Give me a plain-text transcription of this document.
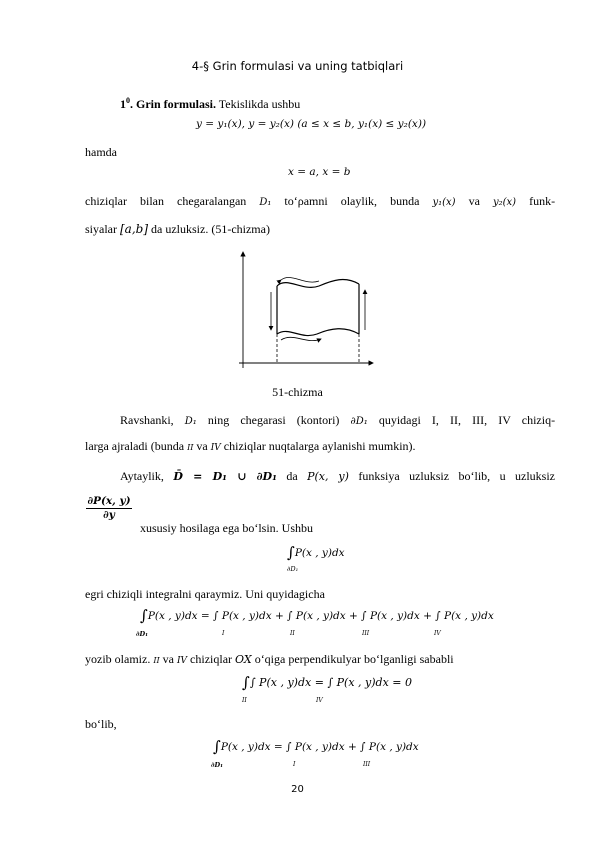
4-§ Grin formulasi va uning tatbiqlari
$1^0$. Grin formulasi. Tekislikda ushbu
y = y₁(x), y = y₂(x) (a ≤ x ≤ b, y₁(x) ≤ y₂(x))
hamda
x = a, x = b
chiziqlar bilan chegaralangan D₁ to‘ρamni olaylik, bunda y₁(x) va y₂(x) funk-
siyalar [a,b] da uzluksiz. (51-chizma)
51-chizma
Ravshanki, D₁ ning chegarasi (kontori) ∂D₁ quyidagi I, II, III, IV chiziq-
larga ajraladi (bunda II va IV chiziqlar nuqtalarga aylanishi mumkin).
Aytaylik, D̄ = D₁ ∪ ∂D₁ da P(x, y) funksiya uzluksiz bo‘lib, u uzluksiz
$\frac{\partial P(x, y)}{\partial y}$
xususiy hosilaga ega bo‘lsin. Ushbu
∫P(x , y)dx
∂D₁
egri chiziqli integralni qaraymiz. Uni quyidagicha
∫P(x , y)dx = ∫ P(x , y)dx + ∫ P(x , y)dx + ∫ P(x , y)dx + ∫ P(x , y)dx
∂D₁	I	II	III	IV
yozib olamiz. II va IV chiziqlar OX o‘qiga perpendikulyar bo‘lganligi sababli
∫∫ P(x , y)dx = ∫ P(x , y)dx = 0
II	IV
bo‘lib,
∫P(x , y)dx = ∫ P(x , y)dx + ∫ P(x , y)dx
∂D₁	I	III
20
